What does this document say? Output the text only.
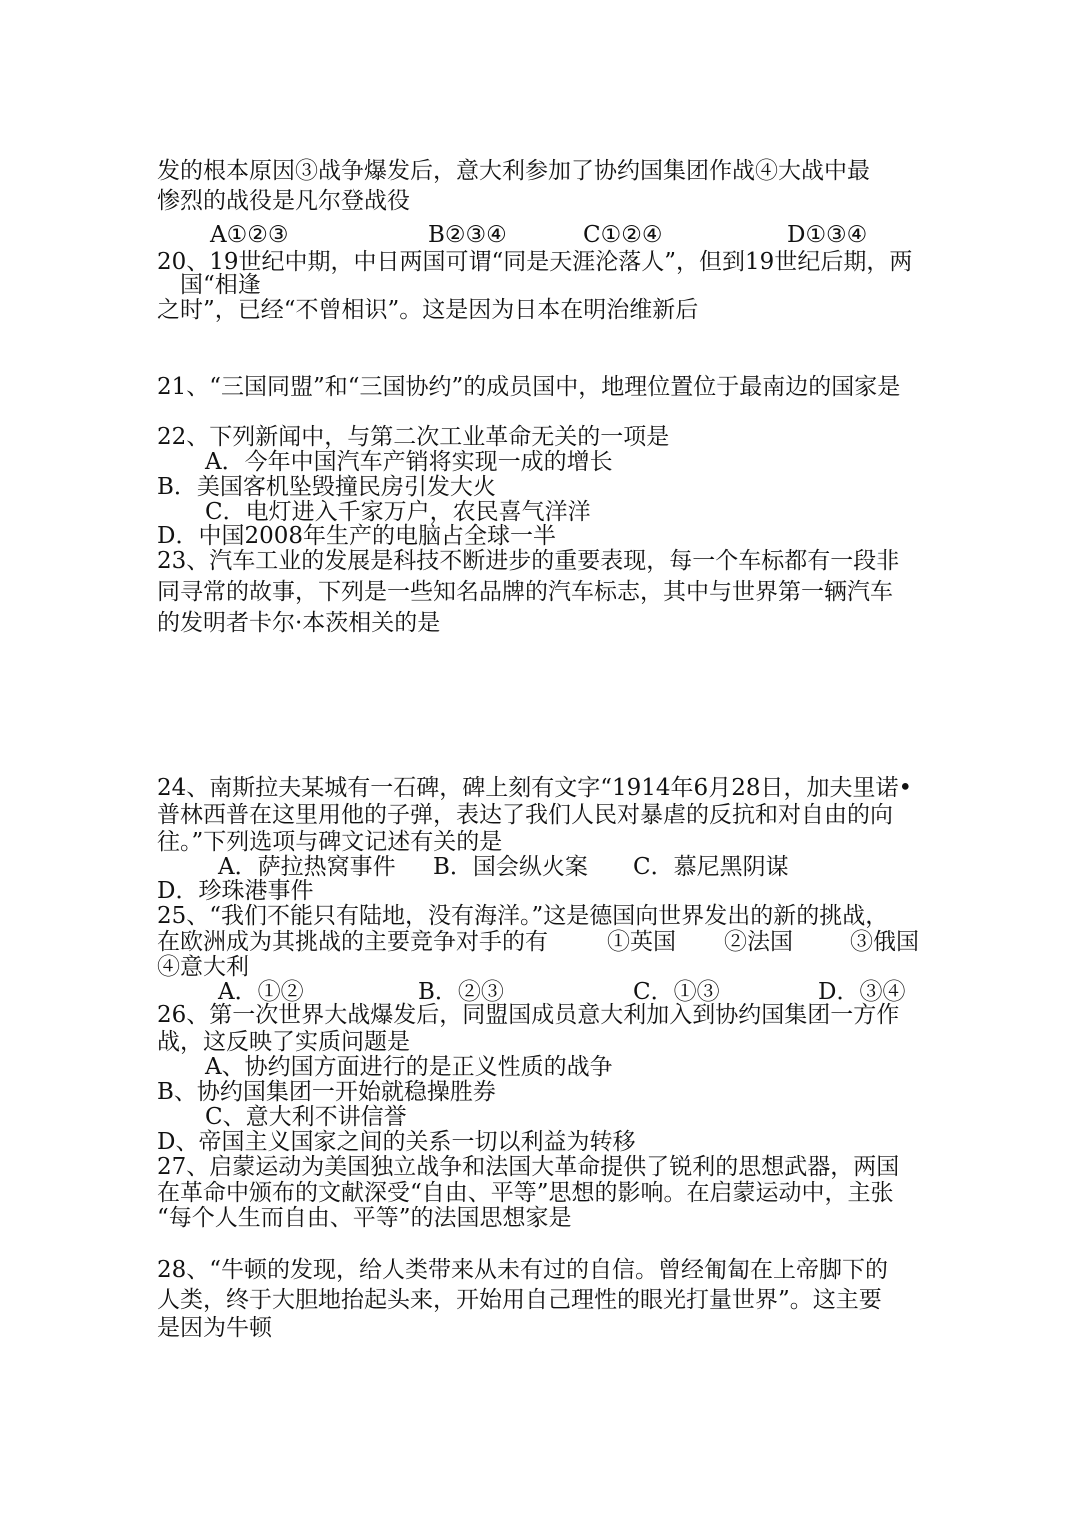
发的根本原因③战争爆发后，意大利参加了协约国集团作战④大战中最
惨烈的战役是凡尔登战役
A①②③	B②③④	C①②④	D①③④
20、19世纪中期，中日两国可谓“同是天涯沦落人”，但到19世纪后期，两
国“相逢
之时”，已经“不曾相识”。这是因为日本在明治维新后
21、“三国同盟”和“三国协约”的成员国中，地理位置位于最南边的国家是
22、下列新闻中，与第二次工业革命无关的一项是
A．今年中国汽车产销将实现一成的增长
B．美国客机坠毁撞民房引发大火
C．电灯进入千家万户，农民喜气洋洋
D．中国2008年生产的电脑占全球一半
23、汽车工业的发展是科技不断进步的重要表现，每一个车标都有一段非
同寻常的故事，下列是一些知名品牌的汽车标志，其中与世界第一辆汽车
的发明者卡尔·本茨相关的是
24、南斯拉夫某城有一石碑，碑上刻有文字“1914年6月28日，加夫里诺•
普林西普在这里用他的子弹，表达了我们人民对暴虐的反抗和对自由的向
往。”下列选项与碑文记述有关的是
A．萨拉热窝事件 B．国会纵火案 C．慕尼黑阴谋
D．珍珠港事件
25、“我们不能只有陆地，没有海洋。”这是德国向世界发出的新的挑战，
在欧洲成为其挑战的主要竞争对手的有	①英国 ②法国 ③俄国
④意大利
A．①②	B．②③	C．①③	D．③④
26、第一次世界大战爆发后，同盟国成员意大利加入到协约国集团一方作
战，这反映了实质问题是
A、协约国方面进行的是正义性质的战争
B、协约国集团一开始就稳操胜券
C、意大利不讲信誉
D、帝国主义国家之间的关系一切以利益为转移
27、启蒙运动为美国独立战争和法国大革命提供了锐利的思想武器，两国
在革命中颁布的文献深受“自由、平等”思想的影响。在启蒙运动中，主张
“每个人生而自由、平等”的法国思想家是
28、“牛顿的发现，给人类带来从未有过的自信。曾经匍匐在上帝脚下的
人类，终于大胆地抬起头来，开始用自己理性的眼光打量世界”。这主要
是因为牛顿
